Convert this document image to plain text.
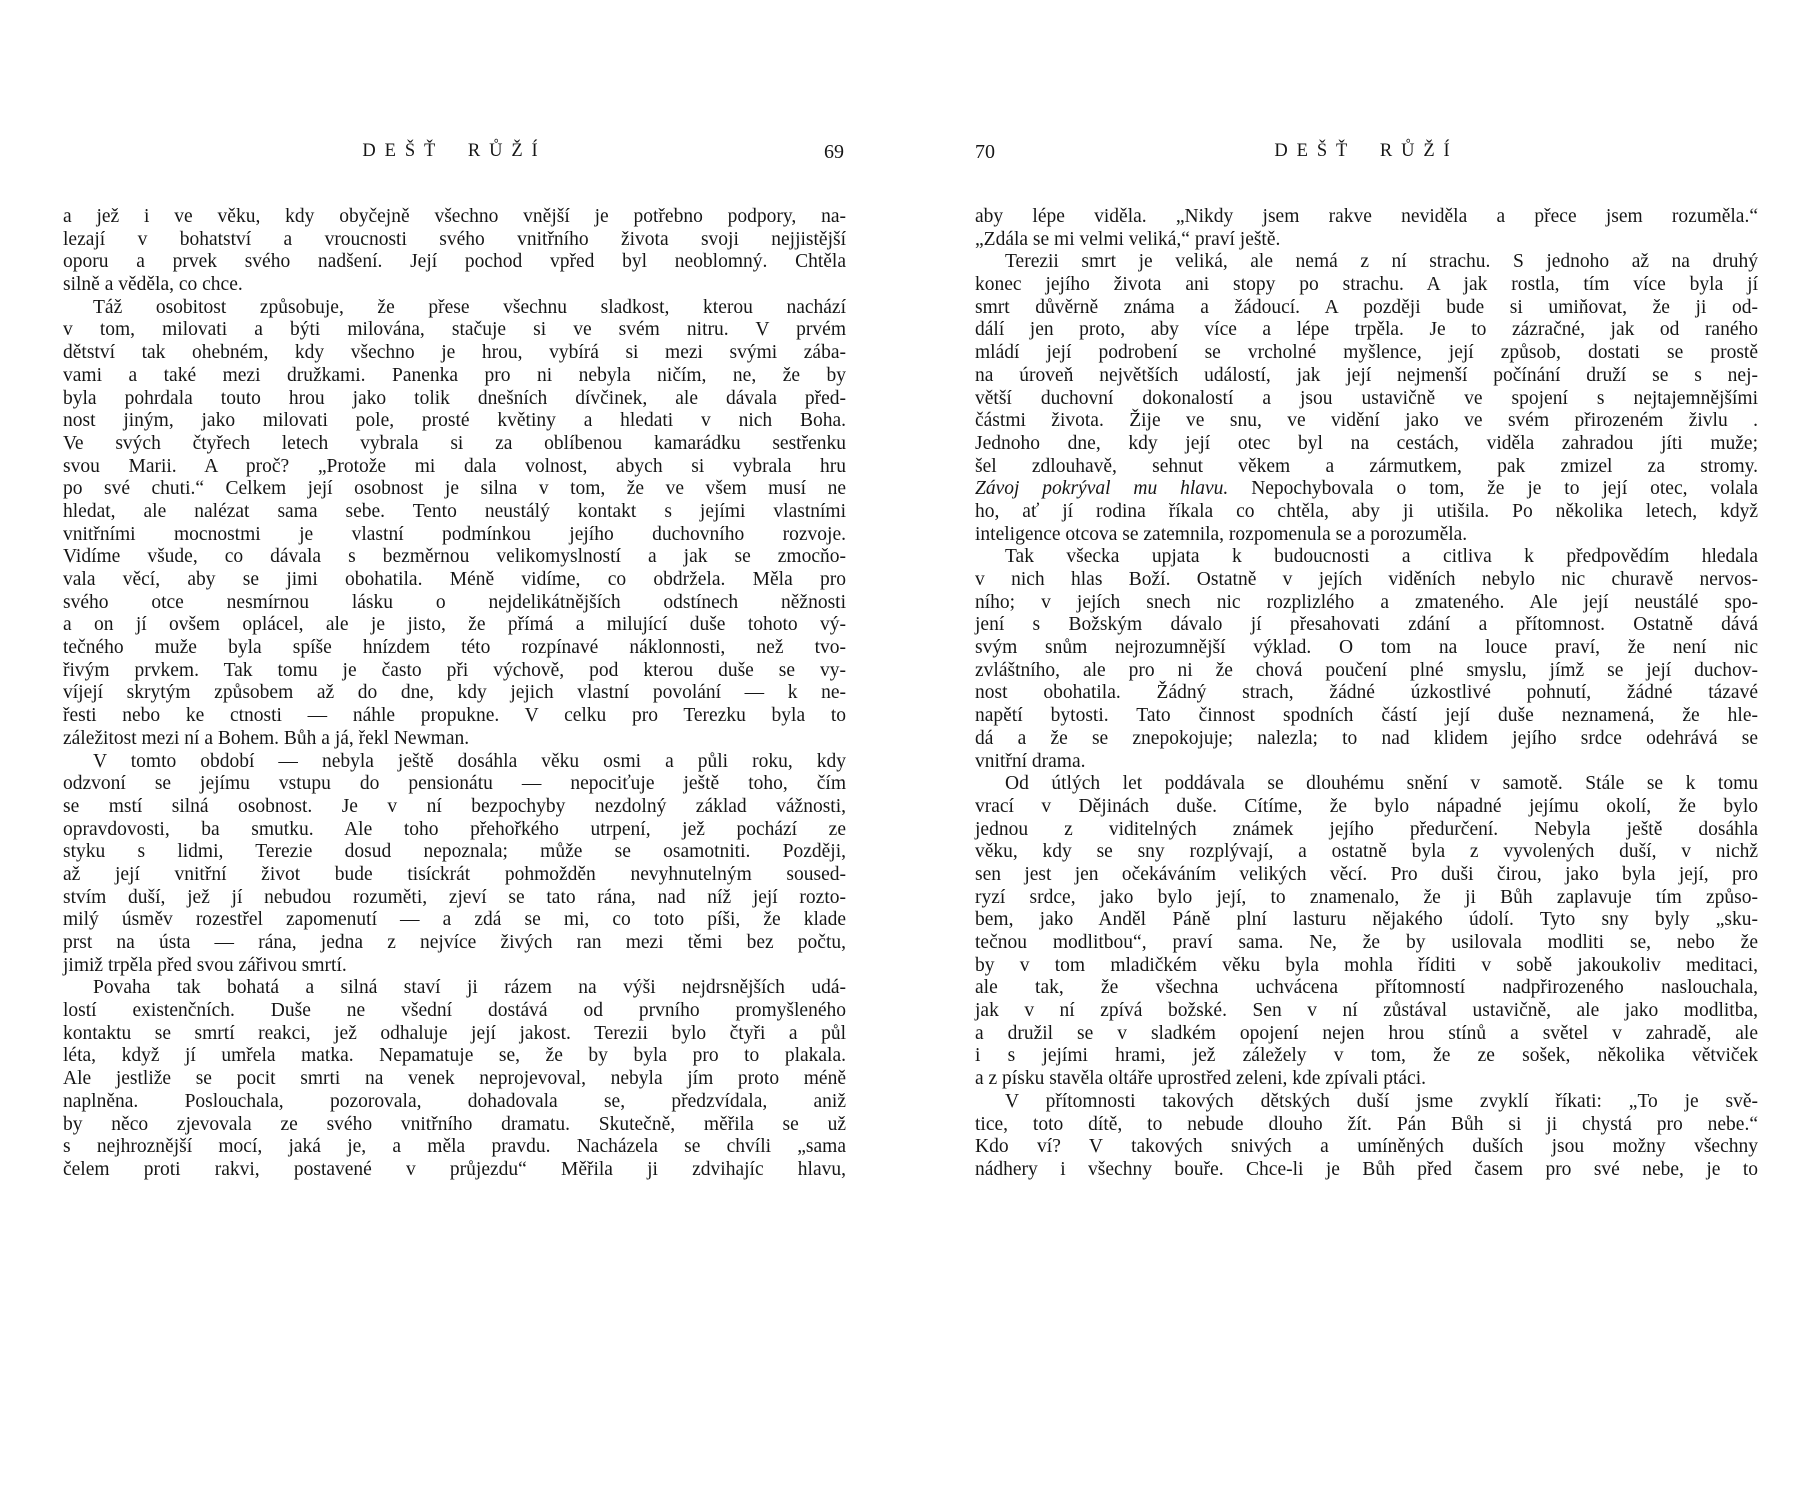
DEŠŤ RŮŽÍ	69
a jež i ve věku, kdy obyčejně všechno vnější je potřebno podpory, na-
lezají v bohatství a vroucnosti svého vnitřního života svoji nejjistější
oporu a prvek svého nadšení. Její pochod vpřed byl neoblomný. Chtěla
silně a věděla, co chce.
Táž osobitost způsobuje, že přese všechnu sladkost, kterou nachází
v tom, milovati a býti milována, stačuje si ve svém nitru. V prvém
dětství tak ohebném, kdy všechno je hrou, vybírá si mezi svými zába-
vami a také mezi družkami. Panenka pro ni nebyla ničím, ne, že by
byla pohrdala touto hrou jako tolik dnešních dívčinek, ale dávala před-
nost jiným, jako milovati pole, prosté květiny a hledati v nich Boha.
Ve svých čtyřech letech vybrala si za oblíbenou kamarádku sestřenku
svou Marii. A proč? „Protože mi dala volnost, abych si vybrala hru
po své chuti.“ Celkem její osobnost je silna v tom, že ve všem musí ne
hledat, ale nalézat sama sebe. Tento neustálý kontakt s jejími vlastními
vnitřními mocnostmi je vlastní podmínkou jejího duchovního rozvoje.
Vidíme všude, co dávala s bezměrnou velikomyslností a jak se zmocňo-
vala věcí, aby se jimi obohatila. Méně vidíme, co obdržela. Měla pro
svého otce nesmírnou lásku o nejdelikátnějších odstínech něžnosti
a on jí ovšem oplácel, ale je jisto, že přímá a milující duše tohoto vý-
tečného muže byla spíše hnízdem této rozpínavé náklonnosti, než tvo-
řivým prvkem. Tak tomu je často při výchově, pod kterou duše se vy-
víjejí skrytým způsobem až do dne, kdy jejich vlastní povolání — k ne-
řesti nebo ke ctnosti — náhle propukne. V celku pro Terezku byla to
záležitost mezi ní a Bohem. Bůh a já, řekl Newman.
V tomto období — nebyla ještě dosáhla věku osmi a půli roku, kdy
odzvoní se jejímu vstupu do pensionátu — nepociťuje ještě toho, čím
se mstí silná osobnost. Je v ní bezpochyby nezdolný základ vážnosti,
opravdovosti, ba smutku. Ale toho přehořkého utrpení, jež pochází ze
styku s lidmi, Terezie dosud nepoznala; může se osamotniti. Později,
až její vnitřní život bude tisíckrát pohmožděn nevyhnutelným soused-
stvím duší, jež jí nebudou rozuměti, zjeví se tato rána, nad níž její rozto-
milý úsměv rozestřel zapomenutí — a zdá se mi, co toto píši, že klade
prst na ústa — rána, jedna z nejvíce živých ran mezi těmi bez počtu,
jimiž trpěla před svou zářivou smrtí.
Povaha tak bohatá a silná staví ji rázem na výši nejdrsnějších udá-
lostí existenčních. Duše ne všední dostává od prvního promyšleného
kontaktu se smrtí reakci, jež odhaluje její jakost. Terezii bylo čtyři a půl
léta, když jí umřela matka. Nepamatuje se, že by byla pro to plakala.
Ale jestliže se pocit smrti na venek neprojevoval, nebyla jím proto méně
naplněna. Poslouchala, pozorovala, dohadovala se, předzvídala, aniž
by něco zjevovala ze svého vnitřního dramatu. Skutečně, měřila se už
s nejhroznější mocí, jaká je, a měla pravdu. Nacházela se chvíli „sama
čelem proti rakvi, postavené v průjezdu“ Měřila ji zdvihajíc hlavu,
70	DEŠŤ RŮŽÍ
aby lépe viděla. „Nikdy jsem rakve neviděla a přece jsem rozuměla.“
„Zdála se mi velmi veliká,“ praví ještě.
Terezii smrt je veliká, ale nemá z ní strachu. S jednoho až na druhý
konec jejího života ani stopy po strachu. A jak rostla, tím více byla jí
smrt důvěrně známa a žádoucí. A později bude si umiňovat, že ji od-
dálí jen proto, aby více a lépe trpěla. Je to zázračné, jak od raného
mládí její podrobení se vrcholné myšlence, její způsob, dostati se prostě
na úroveň největších událostí, jak její nejmenší počínání druží se s nej-
větší duchovní dokonalostí a jsou ustavičně ve spojení s nejtajemnějšími
částmi života. Žije ve snu, ve vidění jako ve svém přirozeném živlu .
Jednoho dne, kdy její otec byl na cestách, viděla zahradou jíti muže;
šel zdlouhavě, sehnut věkem a zármutkem, pak zmizel za stromy.
Závoj pokrýval mu hlavu. Nepochybovala o tom, že je to její otec, volala
ho, ať jí rodina říkala co chtěla, aby ji utišila. Po několika letech, když
inteligence otcova se zatemnila, rozpomenula se a porozuměla.
Tak všecka upjata k budoucnosti a citliva k předpovědím hledala
v nich hlas Boží. Ostatně v jejích viděních nebylo nic churavě nervos-
ního; v jejích snech nic rozplizlého a zmateného. Ale její neustálé spo-
jení s Božským dávalo jí přesahovati zdání a přítomnost. Ostatně dává
svým snům nejrozumnější výklad. O tom na louce praví, že není nic
zvláštního, ale pro ni že chová poučení plné smyslu, jímž se její duchov-
nost obohatila. Žádný strach, žádné úzkostlivé pohnutí, žádné tázavé
napětí bytosti. Tato činnost spodních částí její duše neznamená, že hle-
dá a že se znepokojuje; nalezla; to nad klidem jejího srdce odehrává se
vnitřní drama.
Od útlých let poddávala se dlouhému snění v samotě. Stále se k tomu
vrací v Dějinách duše. Cítíme, že bylo nápadné jejímu okolí, že bylo
jednou z viditelných známek jejího předurčení. Nebyla ještě dosáhla
věku, kdy se sny rozplývají, a ostatně byla z vyvolených duší, v nichž
sen jest jen očekáváním velikých věcí. Pro duši čirou, jako byla její, pro
ryzí srdce, jako bylo její, to znamenalo, že ji Bůh zaplavuje tím způso-
bem, jako Anděl Páně plní lasturu nějakého údolí. Tyto sny byly „sku-
tečnou modlitbou“, praví sama. Ne, že by usilovala modliti se, nebo že
by v tom mladičkém věku byla mohla říditi v sobě jakoukoliv meditaci,
ale tak, že všechna uchvácena přítomností nadpřirozeného naslouchala,
jak v ní zpívá božské. Sen v ní zůstával ustavičně, ale jako modlitba,
a družil se v sladkém opojení nejen hrou stínů a světel v zahradě, ale
i s jejími hrami, jež záležely v tom, že ze sošek, několika větviček
a z písku stavěla oltáře uprostřed zeleni, kde zpívali ptáci.
V přítomnosti takových dětských duší jsme zvyklí říkati: „To je svě-
tice, toto dítě, to nebude dlouho žít. Pán Bůh si ji chystá pro nebe.“
Kdo ví? V takových snivých a umíněných duších jsou možny všechny
nádhery i všechny bouře. Chce-li je Bůh před časem pro své nebe, je to
